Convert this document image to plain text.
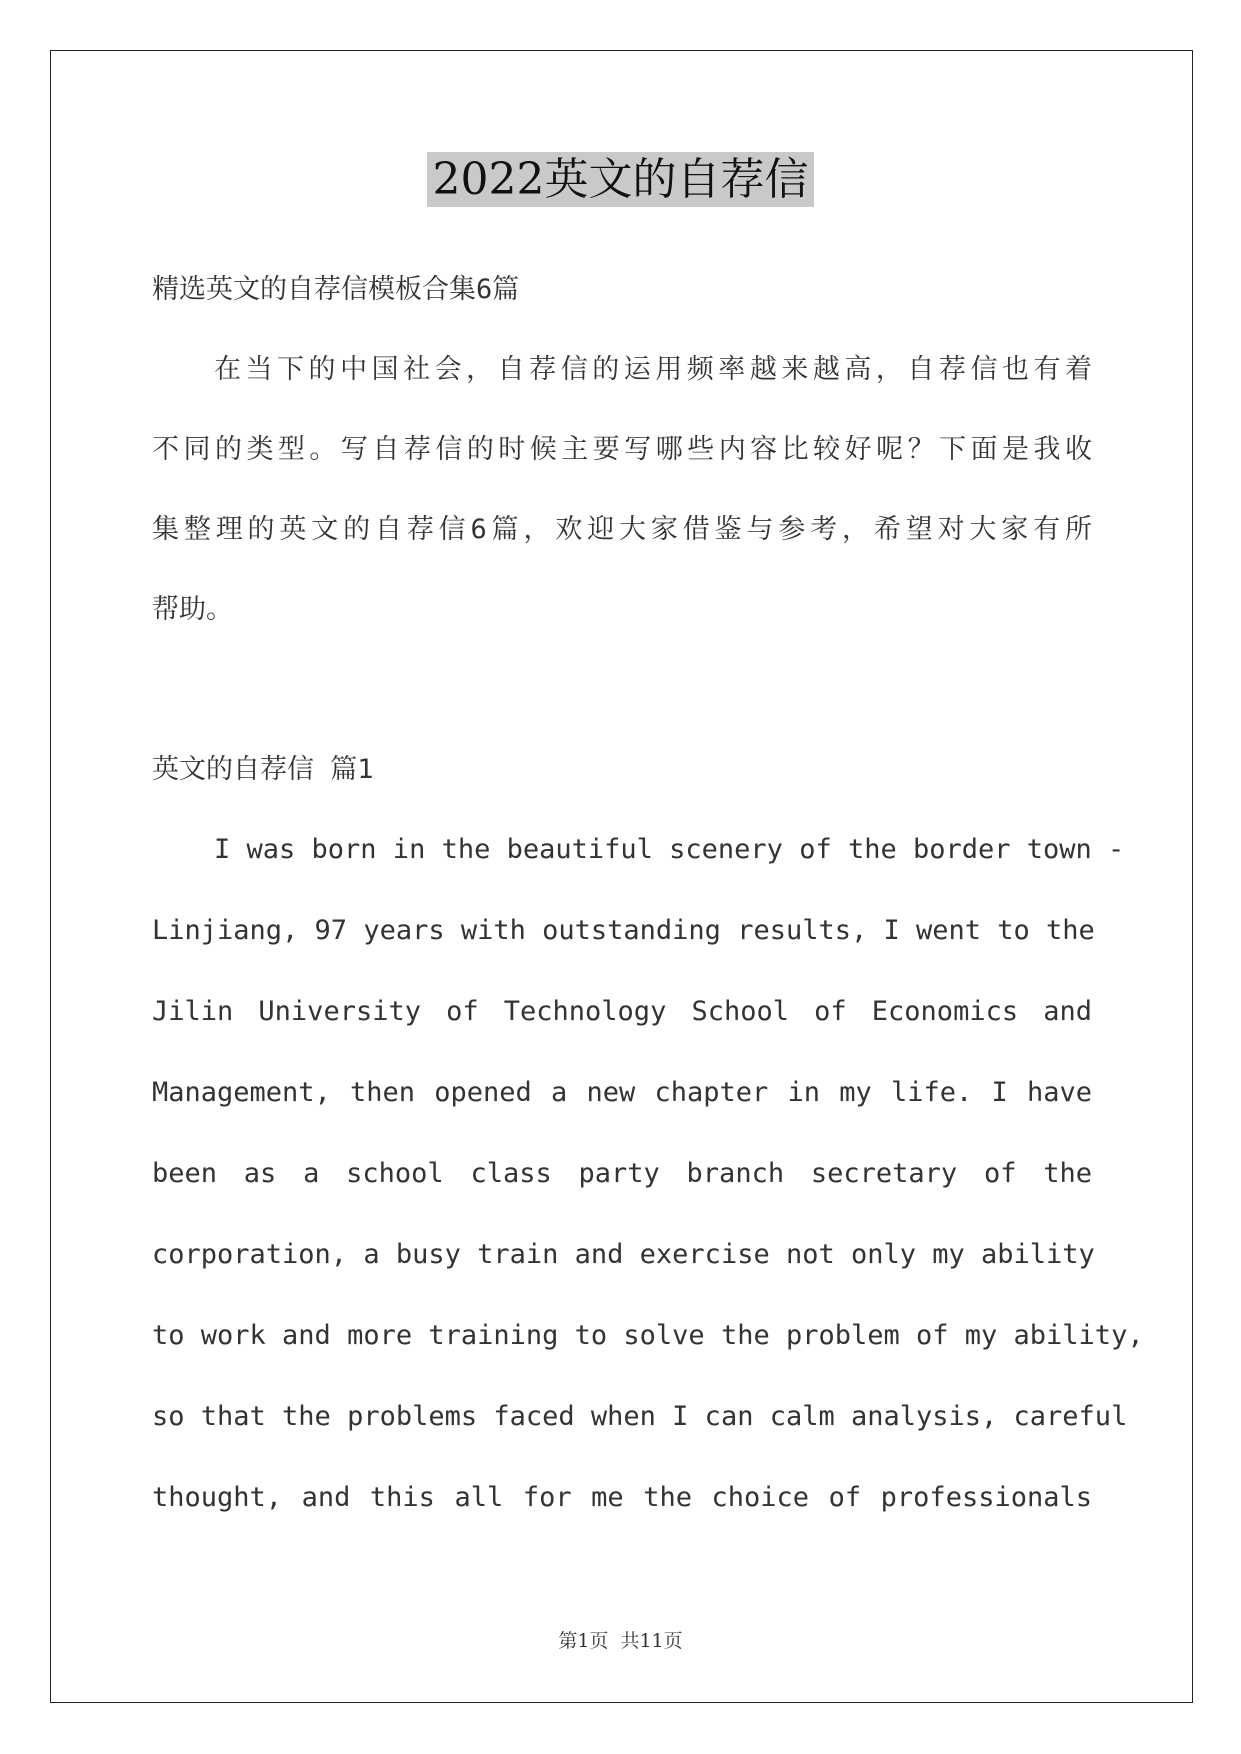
2022英文的自荐信
精选英文的自荐信模板合集6篇
在当下的中国社会，自荐信的运用频率越来越高，自荐信也有着
不同的类型。写自荐信的时候主要写哪些内容比较好呢？下面是我收
集整理的英文的自荐信6篇，欢迎大家借鉴与参考，希望对大家有所
帮助。
英文的自荐信 篇1
I was born in the beautiful scenery of the border town -
Linjiang, 97 years with outstanding results, I went to the
Jilin University of Technology School of Economics and
Management, then opened a new chapter in my life. I have
been as a school class party branch secretary of the
corporation, a busy train and exercise not only my ability
to work and more training to solve the problem of my ability,
so that the problems faced when I can calm analysis, careful
thought, and this all for me the choice of professionals
第1页 共11页
